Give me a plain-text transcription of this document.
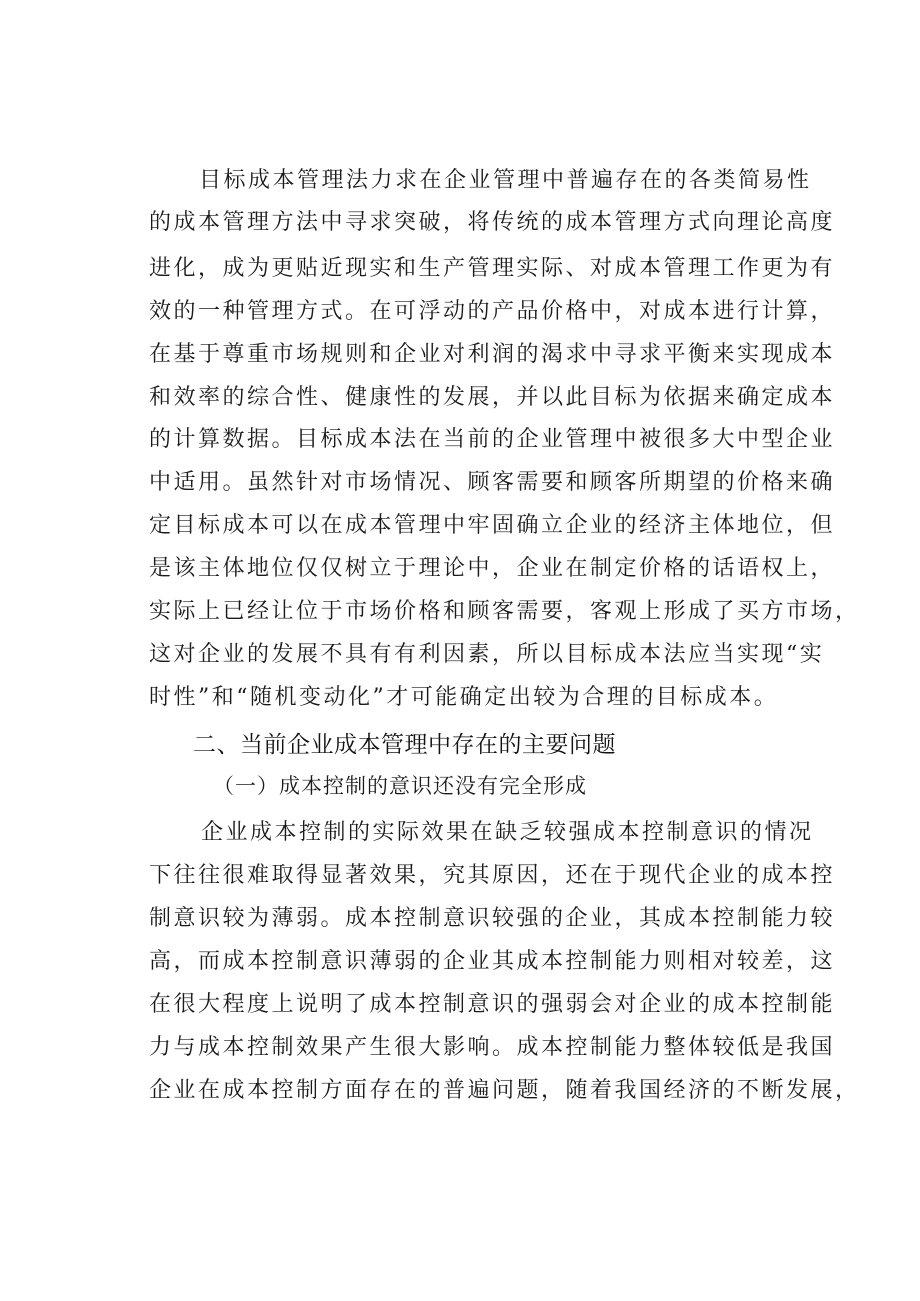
目标成本管理法力求在企业管理中普遍存在的各类简易性
的成本管理方法中寻求突破，将传统的成本管理方式向理论高度
进化，成为更贴近现实和生产管理实际、对成本管理工作更为有
效的一种管理方式。在可浮动的产品价格中，对成本进行计算，
在基于尊重市场规则和企业对利润的渴求中寻求平衡来实现成本
和效率的综合性、健康性的发展，并以此目标为依据来确定成本
的计算数据。目标成本法在当前的企业管理中被很多大中型企业
中适用。虽然针对市场情况、顾客需要和顾客所期望的价格来确
定目标成本可以在成本管理中牢固确立企业的经济主体地位，但
是该主体地位仅仅树立于理论中，企业在制定价格的话语权上，
实际上已经让位于市场价格和顾客需要，客观上形成了买方市场，
这对企业的发展不具有有利因素，所以目标成本法应当实现“实
时性”和“随机变动化”才可能确定出较为合理的目标成本。
二、当前企业成本管理中存在的主要问题
（一）成本控制的意识还没有完全形成
企业成本控制的实际效果在缺乏较强成本控制意识的情况
下往往很难取得显著效果，究其原因，还在于现代企业的成本控
制意识较为薄弱。成本控制意识较强的企业，其成本控制能力较
高，而成本控制意识薄弱的企业其成本控制能力则相对较差，这
在很大程度上说明了成本控制意识的强弱会对企业的成本控制能
力与成本控制效果产生很大影响。成本控制能力整体较低是我国
企业在成本控制方面存在的普遍问题，随着我国经济的不断发展，
